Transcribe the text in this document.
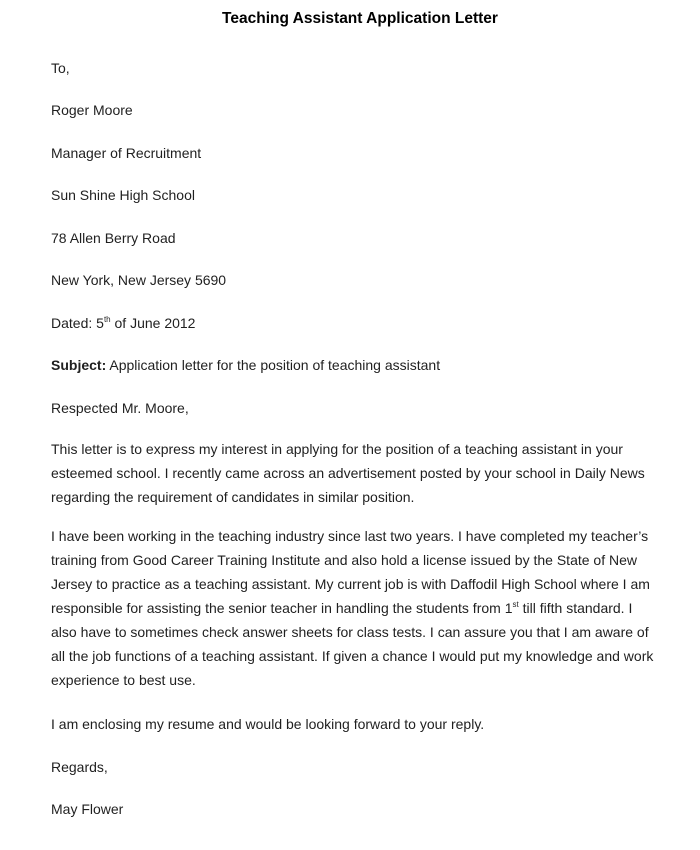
Teaching Assistant Application Letter
To,
Roger Moore
Manager of Recruitment
Sun Shine High School
78 Allen Berry Road
New York, New Jersey 5690
Dated: 5th of June 2012
Subject: Application letter for the position of teaching assistant
Respected Mr. Moore,
This letter is to express my interest in applying for the position of a teaching assistant in your esteemed school. I recently came across an advertisement posted by your school in Daily News regarding the requirement of candidates in similar position.
I have been working in the teaching industry since last two years. I have completed my teacher’s training from Good Career Training Institute and also hold a license issued by the State of New Jersey to practice as a teaching assistant. My current job is with Daffodil High School where I am responsible for assisting the senior teacher in handling the students from 1st till fifth standard. I also have to sometimes check answer sheets for class tests. I can assure you that I am aware of all the job functions of a teaching assistant. If given a chance I would put my knowledge and work experience to best use.
I am enclosing my resume and would be looking forward to your reply.
Regards,
May Flower
